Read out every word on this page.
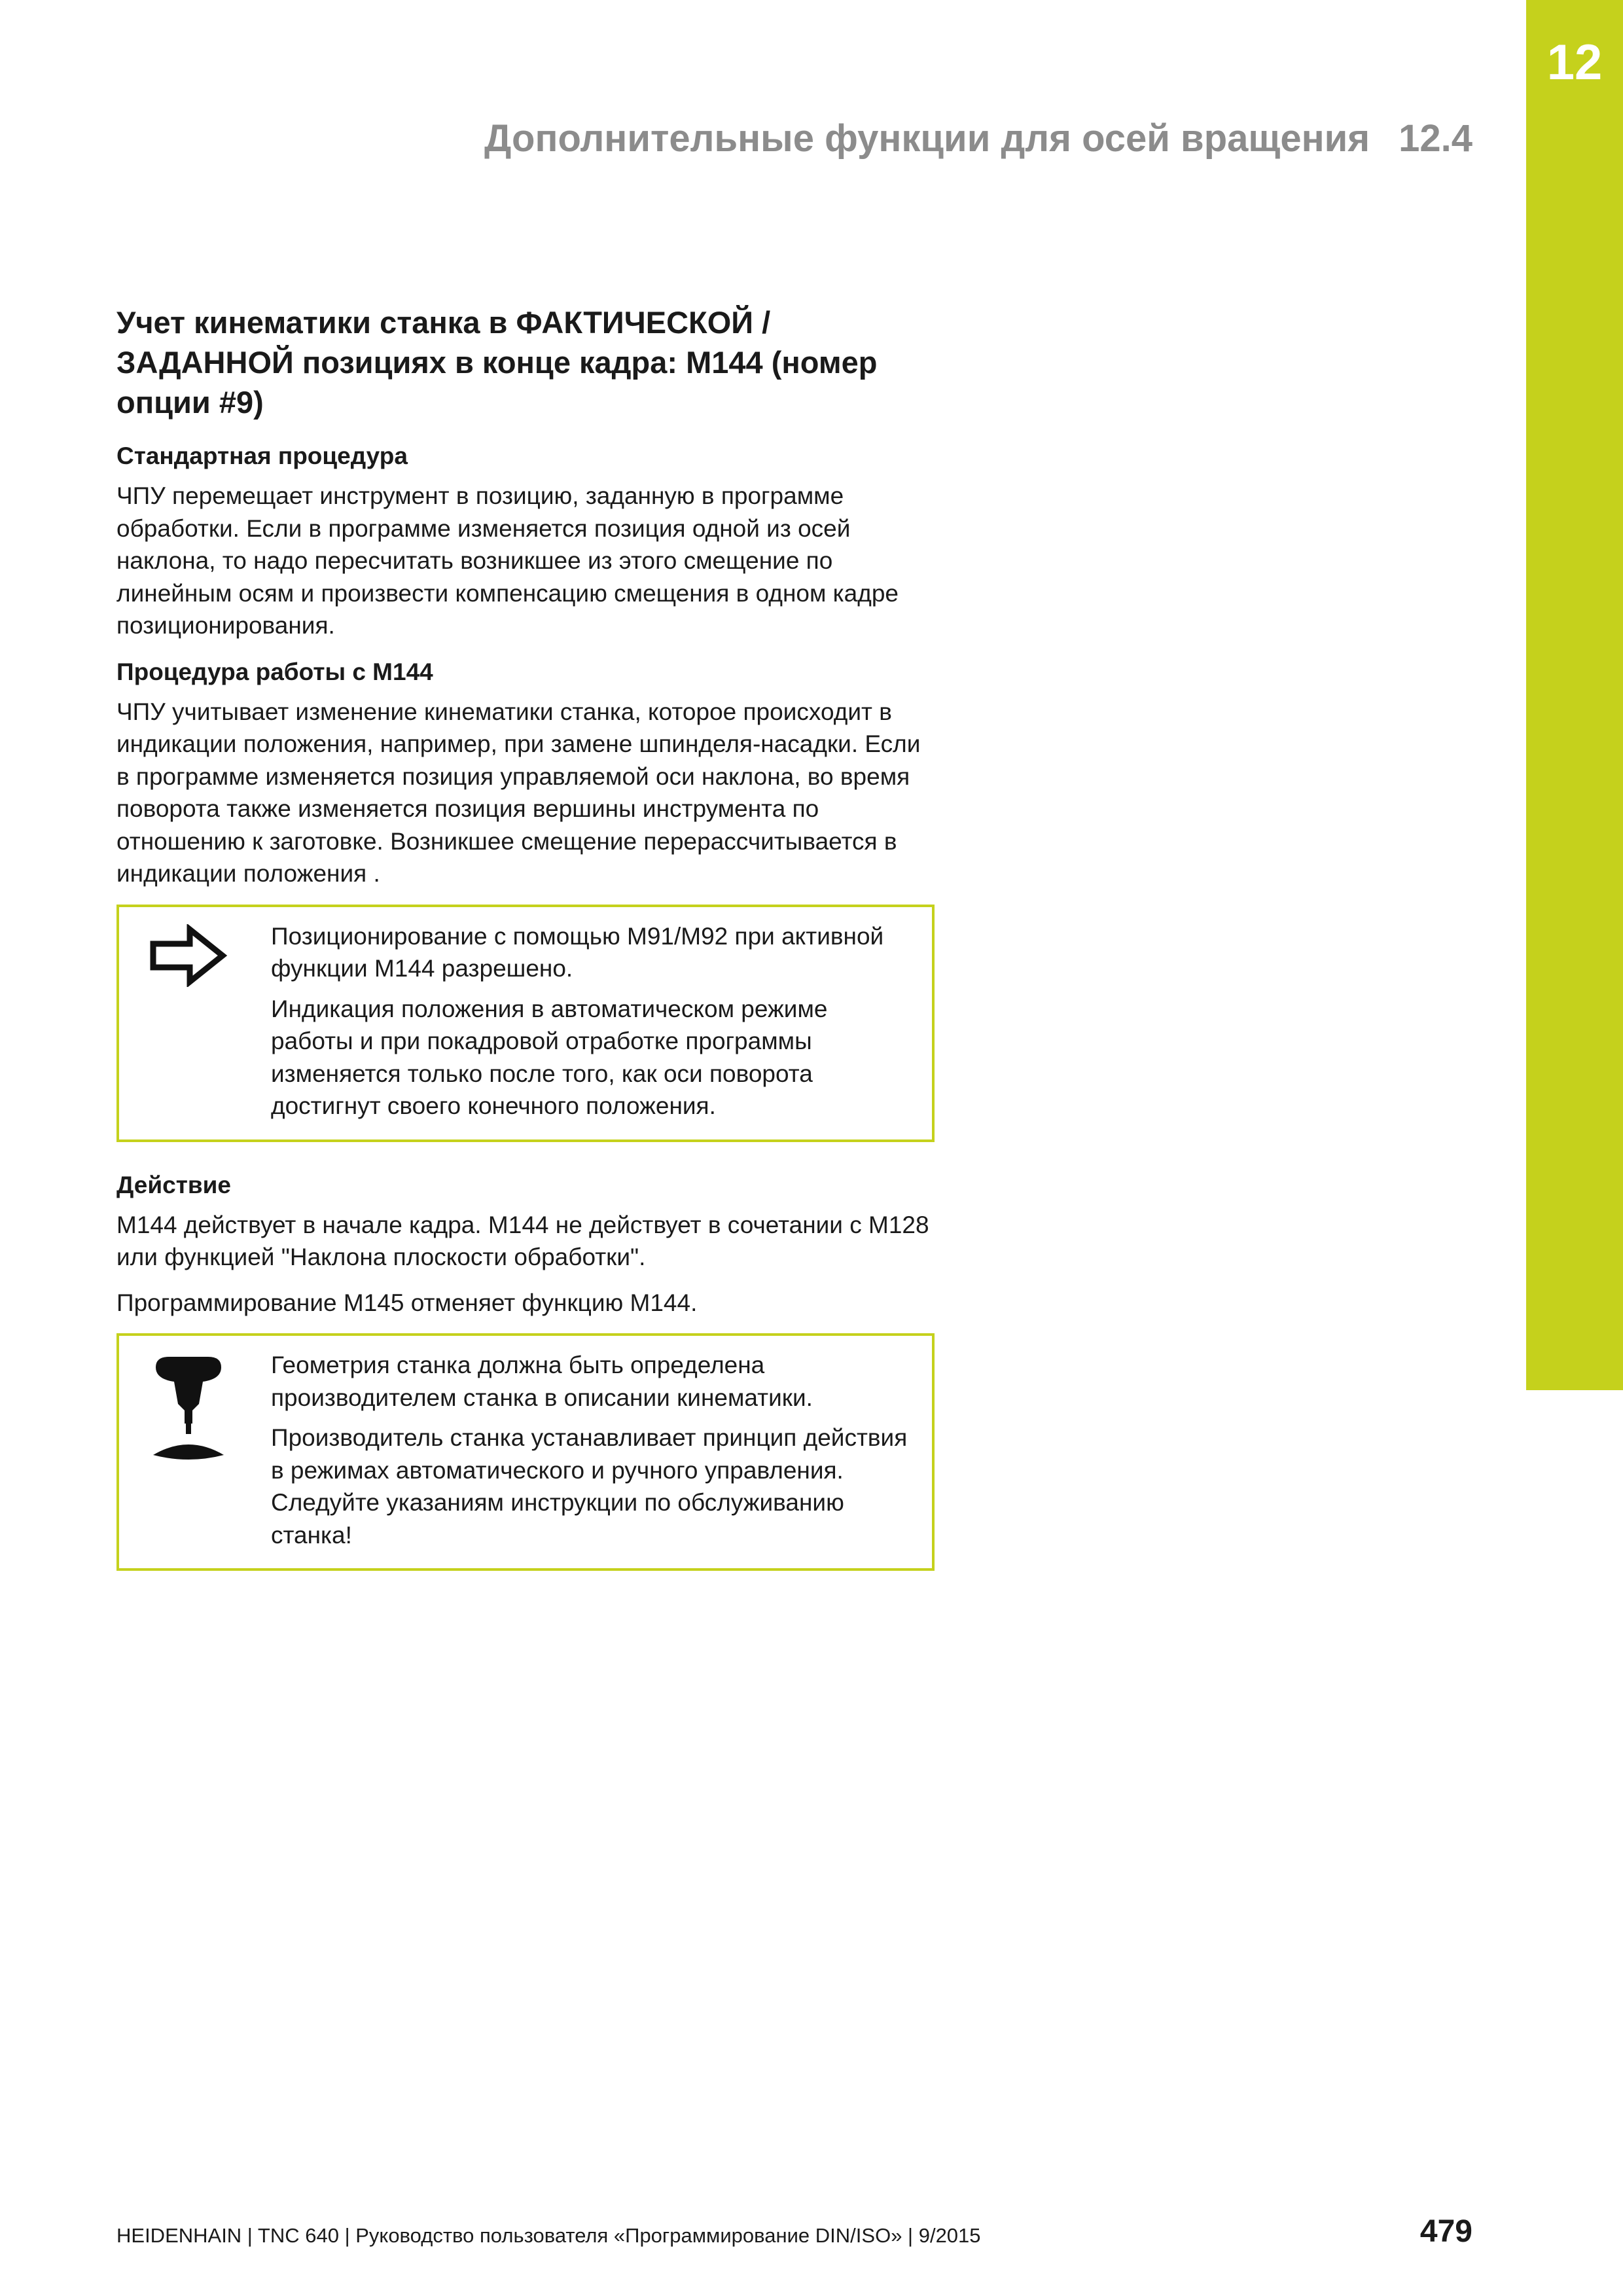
12
Дополнительные функции для осей вращения 12.4
Учет кинематики станка в ФАКТИЧЕСКОЙ / ЗАДАННОЙ позициях в конце кадра: M144 (номер опции #9)
Стандартная процедура

ЧПУ перемещает инструмент в позицию, заданную в программе обработки. Если в программе изменяется позиция одной из осей наклона, то надо пересчитать возникшее из этого смещение по линейным осям и произвести компенсацию смещения в одном кадре позиционирования.

Процедура работы с M144

ЧПУ учитывает изменение кинематики станка, которое происходит в индикации положения, например, при замене шпинделя-насадки. Если в программе изменяется позиция управляемой оси наклона, во время поворота также изменяется позиция вершины инструмента по отношению к заготовке. Возникшее смещение перерассчитывается в индикации положения .

Позиционирование с помощью M91/M92 при активной функции M144 разрешено.

Индикация положения в автоматическом режиме работы и при покадровой отработке программы изменяется только после того, как оси поворота достигнут своего конечного положения.

Действие

M144 действует в начале кадра. M144 не действует в сочетании с M128 или функцией "Наклона плоскости обработки".

Программирование M145 отменяет функцию M144.

Геометрия станка должна быть определена производителем станка в описании кинематики.

Производитель станка устанавливает принцип действия в режимах автоматического и ручного управления. Следуйте указаниям инструкции по обслуживанию станка!

HEIDENHAIN | TNC 640 | Руководство пользователя «Программирование DIN/ISO» | 9/2015	479
